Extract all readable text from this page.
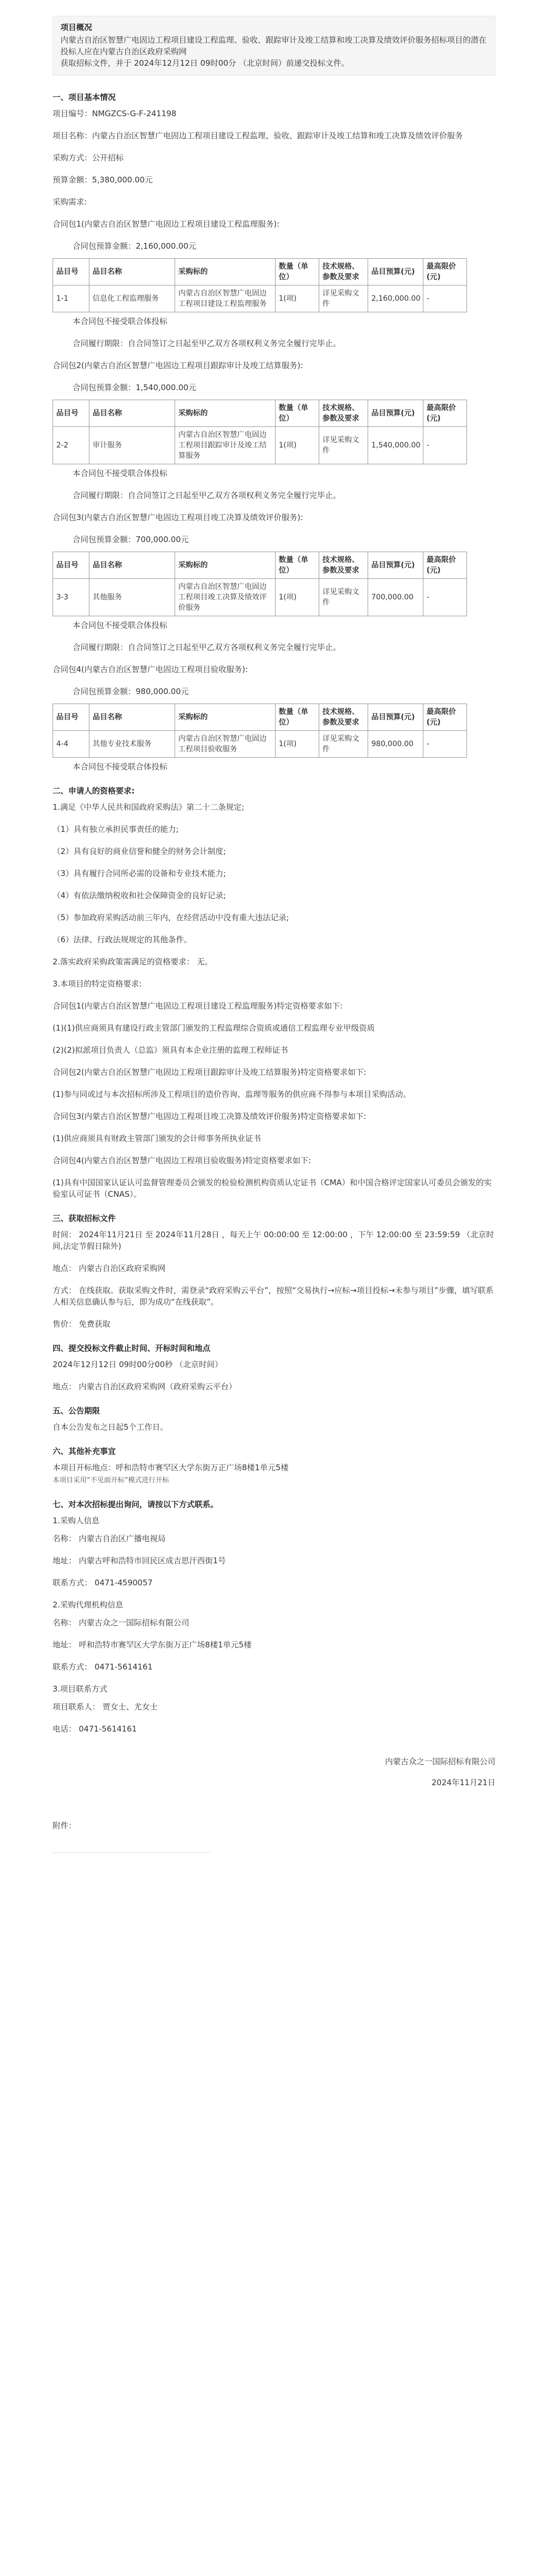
项目概况

内蒙古自治区智慧广电固边工程项目建设工程监理、验收、跟踪审计及竣工结算和竣工决算及绩效评价服务招标项目的潜在投标人应在内蒙古自治区政府采购网

获取招标文件，并于 2024年12月12日 09时00分 （北京时间）前递交投标文件。

一、项目基本情况

项目编号：NMGZCS-G-F-241198

项目名称：内蒙古自治区智慧广电固边工程项目建设工程监理、验收、跟踪审计及竣工结算和竣工决算及绩效评价服务

采购方式：公开招标

预算金额：5,380,000.00元

采购需求:

合同包1(内蒙古自治区智慧广电固边工程项目建设工程监理服务):

合同包预算金额：2,160,000.00元

品目号	品目名称	采购标的	数量（单位）	技术规格、参数及要求	品目预算(元)	最高限价(元)
1-1	信息化工程监理服务	内蒙古自治区智慧广电固边工程项目建设工程监理服务	1(项)	详见采购文件	2,160,000.00	-

本合同包不接受联合体投标

合同履行期限：自合同签订之日起至甲乙双方各项权利义务完全履行完毕止。

合同包2(内蒙古自治区智慧广电固边工程项目跟踪审计及竣工结算服务):

合同包预算金额：1,540,000.00元

品目号	品目名称	采购标的	数量（单位）	技术规格、参数及要求	品目预算(元)	最高限价(元)
2-2	审计服务	内蒙古自治区智慧广电固边工程项目跟踪审计及竣工结算服务	1(项)	详见采购文件	1,540,000.00	-

本合同包不接受联合体投标

合同履行期限：自合同签订之日起至甲乙双方各项权利义务完全履行完毕止。

合同包3(内蒙古自治区智慧广电固边工程项目竣工决算及绩效评价服务):

合同包预算金额：700,000.00元

品目号	品目名称	采购标的	数量（单位）	技术规格、参数及要求	品目预算(元)	最高限价(元)
3-3	其他服务	内蒙古自治区智慧广电固边工程项目竣工决算及绩效评价服务	1(项)	详见采购文件	700,000.00	-

本合同包不接受联合体投标

合同履行期限：自合同签订之日起至甲乙双方各项权利义务完全履行完毕止。

合同包4(内蒙古自治区智慧广电固边工程项目验收服务):

合同包预算金额：980,000.00元

品目号	品目名称	采购标的	数量（单位）	技术规格、参数及要求	品目预算(元)	最高限价(元)
4-4	其他专业技术服务	内蒙古自治区智慧广电固边工程项目验收服务	1(项)	详见采购文件	980,000.00	-

本合同包不接受联合体投标

二、申请人的资格要求:

1.满足《中华人民共和国政府采购法》第二十二条规定;

（1）具有独立承担民事责任的能力;

（2）具有良好的商业信誉和健全的财务会计制度;

（3）具有履行合同所必需的设备和专业技术能力;

（4）有依法缴纳税收和社会保障资金的良好记录;

（5）参加政府采购活动前三年内，在经营活动中没有重大违法记录;

（6）法律、行政法规规定的其他条件。

2.落实政府采购政策需满足的资格要求： 无。

3.本项目的特定资格要求:

合同包1(内蒙古自治区智慧广电固边工程项目建设工程监理服务)特定资格要求如下:

(1)(1)供应商须具有建设行政主管部门颁发的工程监理综合资质或通信工程监理专业甲级资质

(2)(2)拟派项目负责人（总监）须具有本企业注册的监理工程师证书

合同包2(内蒙古自治区智慧广电固边工程项目跟踪审计及竣工结算服务)特定资格要求如下:

(1)参与同或过与本次招标所涉及工程项目的造价咨询、监理等服务的供应商不得参与本项目采购活动。

合同包3(内蒙古自治区智慧广电固边工程项目竣工决算及绩效评价服务)特定资格要求如下:

(1)供应商须具有财政主管部门颁发的会计师事务所执业证书

合同包4(内蒙古自治区智慧广电固边工程项目验收服务)特定资格要求如下:

(1)具有中国国家认证认可监督管理委员会颁发的检验检测机构资质认定证书（CMA）和中国合格评定国家认可委员会颁发的实验室认可证书（CNAS）。

三、获取招标文件

时间： 2024年11月21日 至 2024年11月28日 ，每天上午 00:00:00 至 12:00:00 ，下午 12:00:00 至 23:59:59 （北京时间,法定节假日除外)

地点： 内蒙古自治区政府采购网

方式： 在线获取。获取采购文件时，需登录“政府采购云平台”，按照“交易执行→应标→项目投标→未参与项目”步骤，填写联系人相关信息确认参与后，即为成功“在线获取”。

售价： 免费获取

四、提交投标文件截止时间、开标时间和地点

2024年12月12日 09时00分00秒 （北京时间）

地点： 内蒙古自治区政府采购网（政府采购云平台）

五、公告期限

自本公告发布之日起5个工作日。

六、其他补充事宜

本项目开标地点：呼和浩特市赛罕区大学东街万正广场8楼1单元5楼

本项目采用“不见面开标”模式进行开标

七、对本次招标提出询问，请按以下方式联系。

1.采购人信息

名称： 内蒙古自治区广播电视局

地址： 内蒙古呼和浩特市回民区成吉思汗西街1号

联系方式： 0471-4590057

2.采购代理机构信息

名称： 内蒙古众之一国际招标有限公司

地址： 呼和浩特市赛罕区大学东街万正广场8楼1单元5楼

联系方式： 0471-5614161

3.项目联系方式

项目联系人： 贾女士、尤女士

电话： 0471-5614161

内蒙古众之一国际招标有限公司
2024年11月21日
附件：
